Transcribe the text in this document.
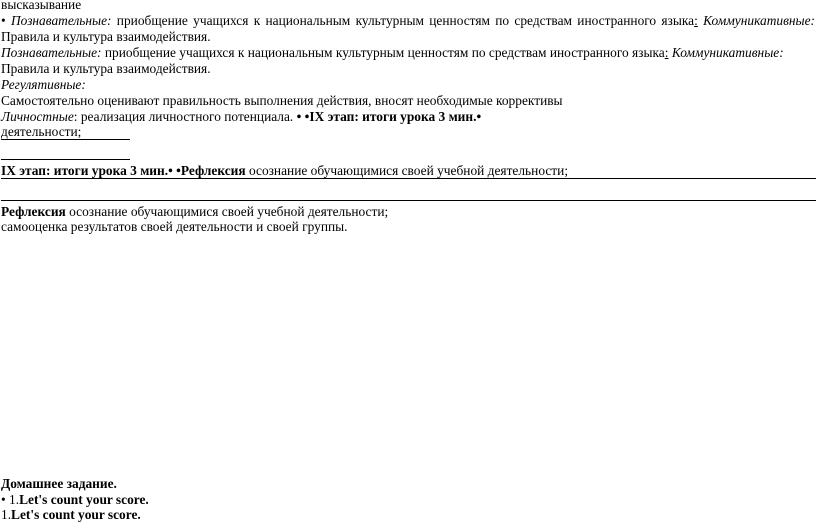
высказывание
• Познавательные: приобщение учащихся к национальным культурным ценностям по средствам иностранного языка: Коммуникативные:
Правила и культура взаимодействия.
Познавательные: приобщение учащихся к национальным культурным ценностям по средствам иностранного языка: Коммуникативные:
Правила и культура взаимодействия.
Регулятивные:
Самостоятельно оценивают правильность выполнения действия, вносят необходимые коррективы
Личностные: реализация личностного потенциала. • •IX этап: итоги урока 3 мин.•
деятельности;
IX этап: итоги урока 3 мин.• •Рефлексия осознание обучающимися своей учебной деятельности;
Рефлексия осознание обучающимися своей учебной деятельности;
самооценка результатов своей деятельности и своей группы.
Домашнее задание.
• 1.Let's count your score.
1.Let's count your score.
